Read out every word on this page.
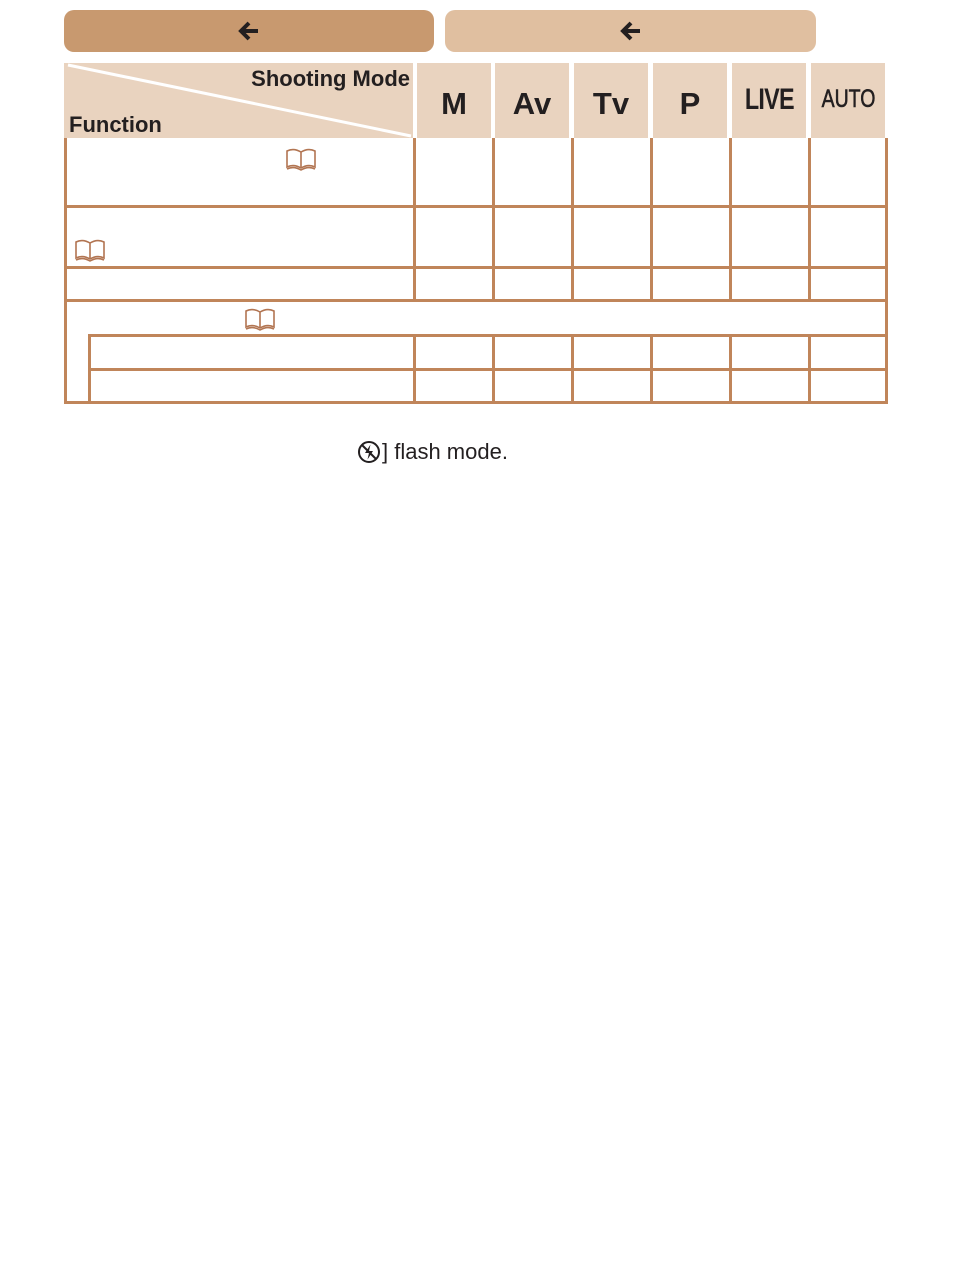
Shooting Mode
Function
M Av Tv P LIVE AUTO
] flash mode.
